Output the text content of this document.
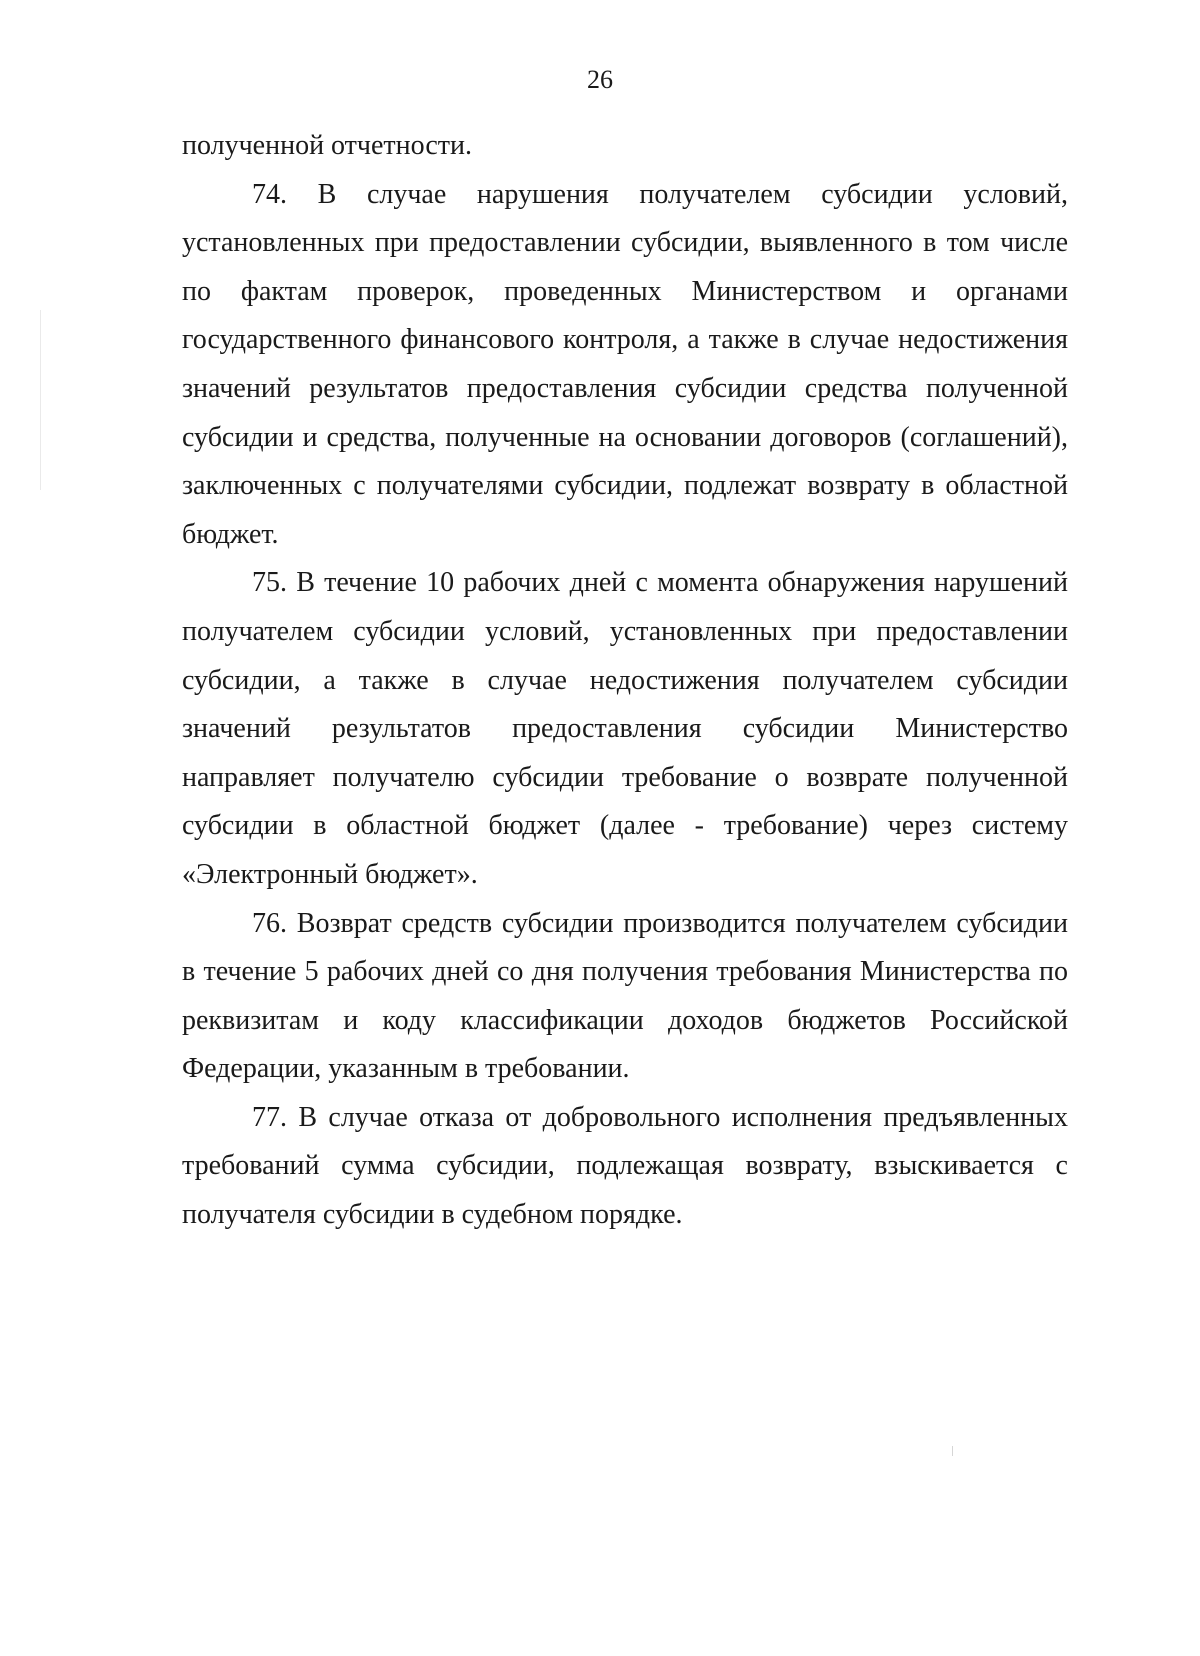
26

полученной отчетности.

74. В случае нарушения получателем субсидии условий, установленных при предоставлении субсидии, выявленного в том числе по фактам проверок, проведенных Министерством и органами государственного финансового контроля, а также в случае недостижения значений результатов предоставления субсидии средства полученной субсидии и средства, полученные на основании договоров (соглашений), заключенных с получателями субсидии, подлежат возврату в областной бюджет.

75. В течение 10 рабочих дней с момента обнаружения нарушений получателем субсидии условий, установленных при предоставлении субсидии, а также в случае недостижения получателем субсидии значений результатов предоставления субсидии Министерство направляет получателю субсидии требование о возврате полученной субсидии в областной бюджет (далее - требование) через систему «Электронный бюджет».

76. Возврат средств субсидии производится получателем субсидии в течение 5 рабочих дней со дня получения требования Министерства по реквизитам и коду классификации доходов бюджетов Российской Федерации, указанным в требовании.

77. В случае отказа от добровольного исполнения предъявленных требований сумма субсидии, подлежащая возврату, взыскивается с получателя субсидии в судебном порядке.
